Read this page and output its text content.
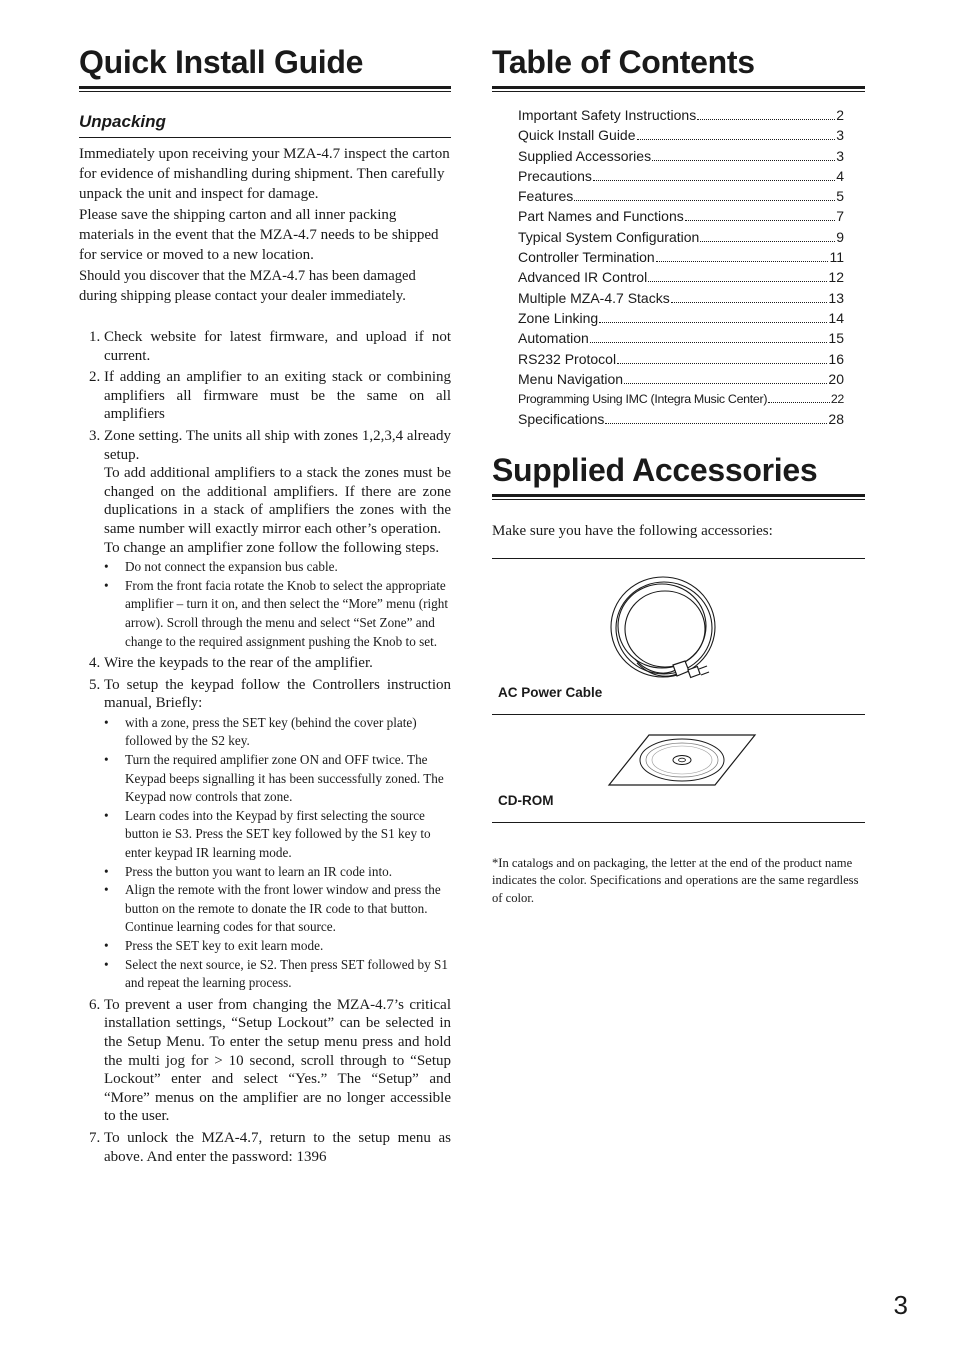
Quick Install Guide
Unpacking

Immediately upon receiving your MZA-4.7 inspect the carton for evidence of mishandling during shipment. Then carefully unpack the unit and inspect for damage.

Please save the shipping carton and all inner packing materials in the event that the MZA-4.7 needs to be shipped for service or moved to a new location.

Should you discover that the MZA-4.7 has been damaged during shipping please contact your dealer immediately.

1. Check website for latest firmware, and upload if not current.

2. If adding an amplifier to an exiting stack or combining amplifiers all firmware must be the same on all amplifiers

3. Zone setting. The units all ship with zones 1,2,3,4 already setup.

To add additional amplifiers to a stack the zones must be changed on the additional amplifiers. If there are zone duplications in a stack of amplifiers the zones with the same number will exactly mirror each other’s operation.

To change an amplifier zone follow the following steps.

• Do not connect the expansion bus cable.
• From the front facia rotate the Knob to select the appropriate amplifier – turn it on, and then select the “More” menu (right arrow). Scroll through the menu and select “Set Zone” and change to the required assignment pushing the Knob to set.

4. Wire the keypads to the rear of the amplifier.

5. To setup the keypad follow the Controllers instruction manual, Briefly:

• with a zone, press the SET key (behind the cover plate) followed by the S2 key.
• Turn the required amplifier zone ON and OFF twice. The Keypad beeps signalling it has been successfully zoned. The Keypad now controls that zone.
• Learn codes into the Keypad by first selecting the source button ie S3. Press the SET key followed by the S1 key to enter keypad IR learning mode.
• Press the button you want to learn an IR code into.
• Align the remote with the front lower window and press the button on the remote to donate the IR code to that button. Continue learning codes for that source.
• Press the SET key to exit learn mode.
• Select the next source, ie S2. Then press SET followed by S1 and repeat the learning process.

6. To prevent a user from changing the MZA-4.7’s critical installation settings, “Setup Lockout” can be selected in the Setup Menu. To enter the setup menu press and hold the multi jog for > 10 second, scroll through to “Setup Lockout” enter and select “Yes.” The “Setup” and “More” menus on the amplifier are no longer accessible to the user.

7. To unlock the MZA-4.7, return to the setup menu as above. And enter the password: 1396

Table of Contents
Important Safety Instructions	2
Quick Install Guide	3
Supplied Accessories	3
Precautions	4
Features	5
Part Names and Functions	7
Typical System Configuration	9
Controller Termination	11
Advanced IR Control	12
Multiple MZA-4.7 Stacks	13
Zone Linking	14
Automation	15
RS232 Protocol	16
Menu Navigation	20
Programming Using IMC (Integra Music Center)	22
Specifications	28
Supplied Accessories

Make sure you have the following accessories:

AC Power Cable
CD-ROM

*In catalogs and on packaging, the letter at the end of the product name indicates the color. Specifications and operations are the same regardless of color.

3
